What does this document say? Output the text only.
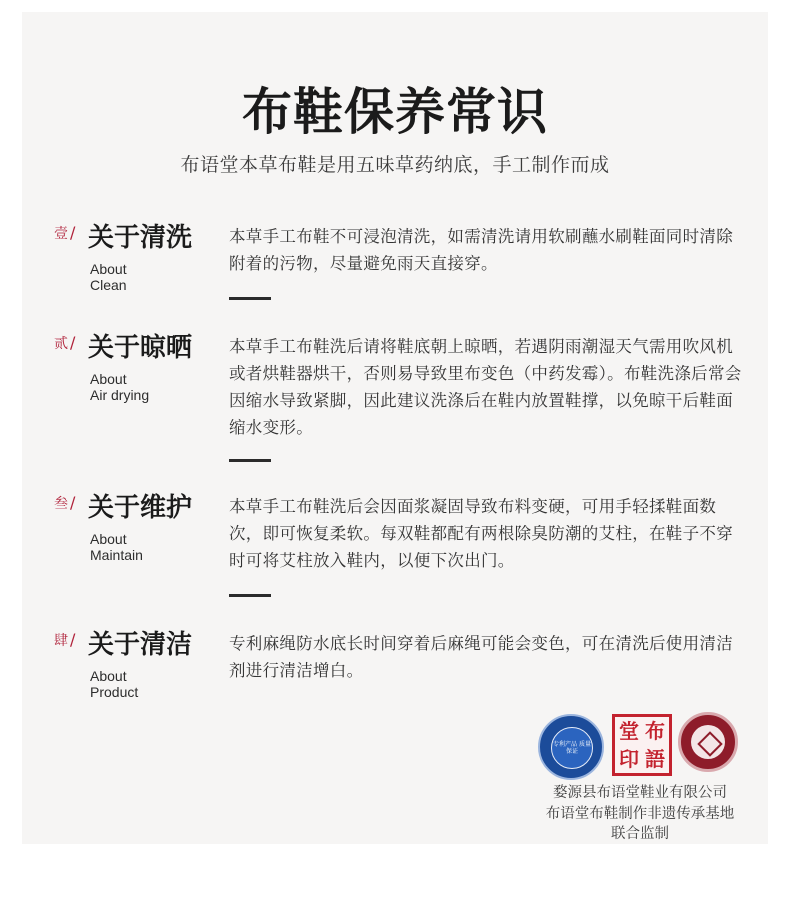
布鞋保养常识
布语堂本草布鞋是用五味草药纳底，手工制作而成
壹 / 关于清洗
About
Clean
本草手工布鞋不可浸泡清洗，如需清洗请用软刷蘸水刷鞋面同时清除附着的污物，尽量避免雨天直接穿。
贰 / 关于晾晒
About
Air drying
本草手工布鞋洗后请将鞋底朝上晾晒，若遇阴雨潮湿天气需用吹风机或者烘鞋器烘干，否则易导致里布变色（中药发霉）。布鞋洗涤后常会因缩水导致紧脚，因此建议洗涤后在鞋内放置鞋撑，以免晾干后鞋面缩水变形。
叁 / 关于维护
About
Maintain
本草手工布鞋洗后会因面浆凝固导致布料变硬，可用手轻揉鞋面数次，即可恢复柔软。每双鞋都配有两根除臭防潮的艾柱，在鞋子不穿时可将艾柱放入鞋内，以便下次出门。
肆 / 关于清洁
About
Product
专利麻绳防水底长时间穿着后麻绳可能会变色，可在清洗后使用清洁剂进行清洁增白。
专利产品 质量保证
堂 布
印 語
婺源县布语堂鞋业有限公司
布语堂布鞋制作非遗传承基地
联合监制
